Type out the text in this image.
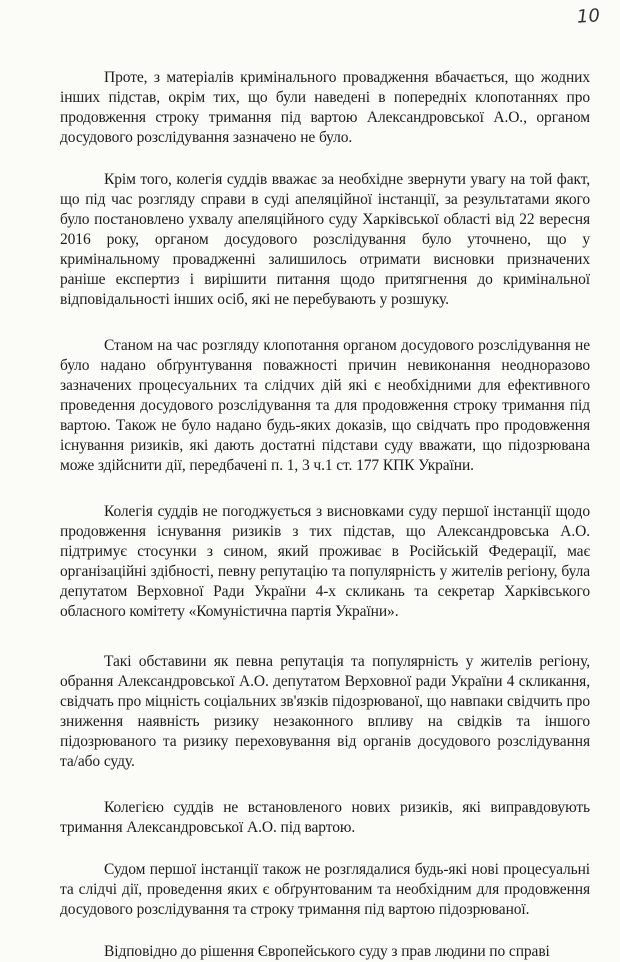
10

Проте, з матеріалів кримінального провадження вбачається, що жодних інших підстав, окрім тих, що були наведені в попередніх клопотаннях про продовження строку тримання під вартою Александровської А.О., органом досудового розслідування зазначено не було.

Крім того, колегія суддів вважає за необхідне звернути увагу на той факт, що під час розгляду справи в суді апеляційної інстанції, за результатами якого було постановлено ухвалу апеляційного суду Харківської області від 22 вересня 2016 року, органом досудового розслідування було уточнено, що у кримінальному провадженні залишилось отримати висновки призначених раніше експертиз і вирішити питання щодо притягнення до кримінальної відповідальності інших осіб, які не перебувають у розшуку.

Станом на час розгляду клопотання органом досудового розслідування не було надано обґрунтування поважності причин невиконання неодноразово зазначених процесуальних та слідчих дій які є необхідними для ефективного проведення досудового розслідування та для продовження строку тримання під вартою. Також не було надано будь-яких доказів, що свідчать про продовження існування ризиків, які дають достатні підстави суду вважати, що підозрювана може здійснити дії, передбачені п. 1, 3 ч.1 ст. 177 КПК України.

Колегія суддів не погоджується з висновками суду першої інстанції щодо продовження існування ризиків з тих підстав, що Александровська А.О. підтримує стосунки з сином, який проживає в Російській Федерації, має організаційні здібності, певну репутацію та популярність у жителів регіону, була депутатом Верховної Ради України 4-х скликань та секретар Харківського обласного комітету «Комуністична партія України».

Такі обставини як певна репутація та популярність у жителів регіону, обрання Александровської А.О. депутатом Верховної ради України 4 скликання, свідчать про міцність соціальних зв'язків підозрюваної, що навпаки свідчить про зниження наявність ризику незаконного впливу на свідків та іншого підозрюваного та ризику переховування від органів досудового розслідування та/або суду.

Колегією суддів не встановленого нових ризиків, які виправдовують тримання Александровської А.О. під вартою.

Судом першої інстанції також не розглядалися будь-які нові процесуальні та слідчі дії, проведення яких є обґрунтованим та необхідним для продовження досудового розслідування та строку тримання під вартою підозрюваної.

Відповідно до рішення Європейського суду з прав людини по справі
